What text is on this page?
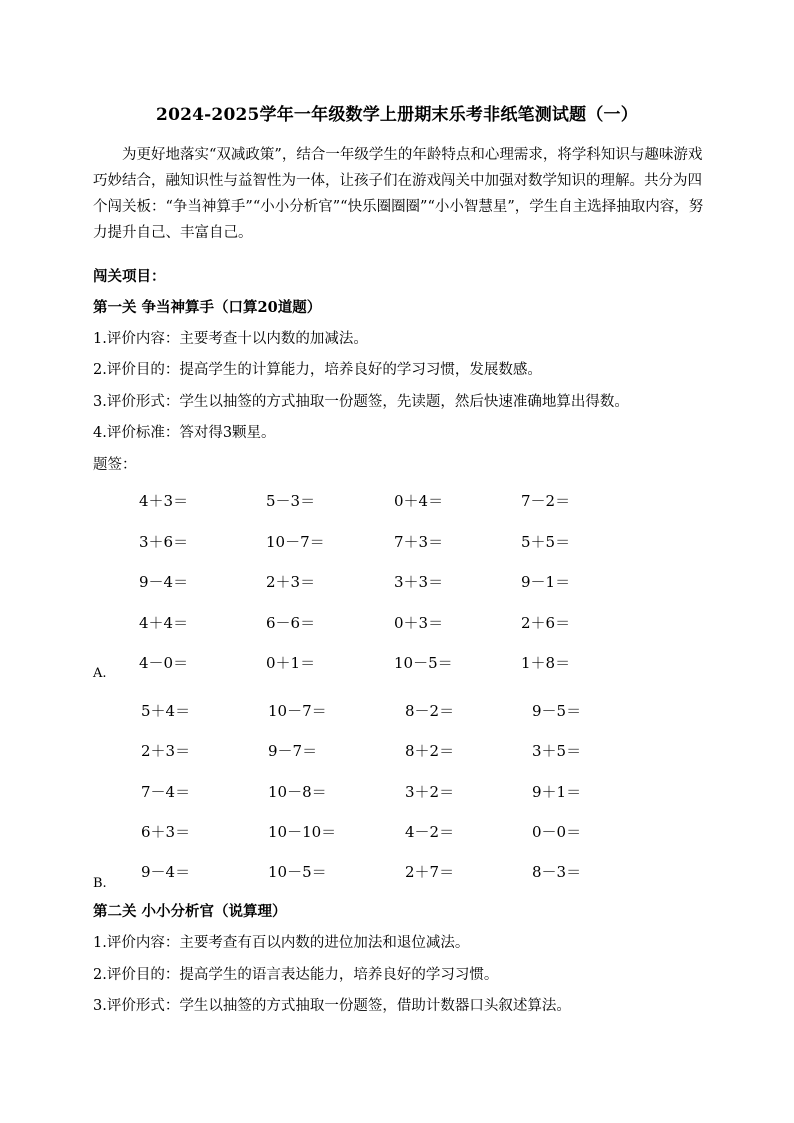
2024-2025学年一年级数学上册期末乐考非纸笔测试题（一）
为更好地落实“双减政策”，结合一年级学生的年龄特点和心理需求，将学科知识与趣味游戏巧妙结合，融知识性与益智性为一体，让孩子们在游戏闯关中加强对数学知识的理解。共分为四个闯关板：“争当神算手”“小小分析官”“快乐圈圈圈”“小小智慧星”，学生自主选择抽取内容，努力提升自己、丰富自己。
闯关项目：
第一关 争当神算手（口算20道题）
1.评价内容：主要考查十以内数的加减法。
2.评价目的：提高学生的计算能力，培养良好的学习习惯，发展数感。
3.评价形式：学生以抽签的方式抽取一份题签，先读题，然后快速准确地算出得数。
4.评价标准：答对得3颗星。
题签：
4＋3＝	5－3＝	0＋4＝	7－2＝
3＋6＝	10－7＝	7＋3＝	5＋5＝
9－4＝	2＋3＝	3＋3＝	9－1＝
4＋4＝	6－6＝	0＋3＝	2＋6＝
4－0＝	0＋1＝	10－5＝	1＋8＝
A.
5＋4＝	10－7＝	8－2＝	9－5＝
2＋3＝	9－7＝	8＋2＝	3＋5＝
7－4＝	10－8＝	3＋2＝	9＋1＝
6＋3＝	10－10＝	4－2＝	0－0＝
9－4＝	10－5＝	2＋7＝	8－3＝
B.
第二关 小小分析官（说算理）
1.评价内容：主要考查有百以内数的进位加法和退位减法。
2.评价目的：提高学生的语言表达能力，培养良好的学习习惯。
3.评价形式：学生以抽签的方式抽取一份题签，借助计数器口头叙述算法。
